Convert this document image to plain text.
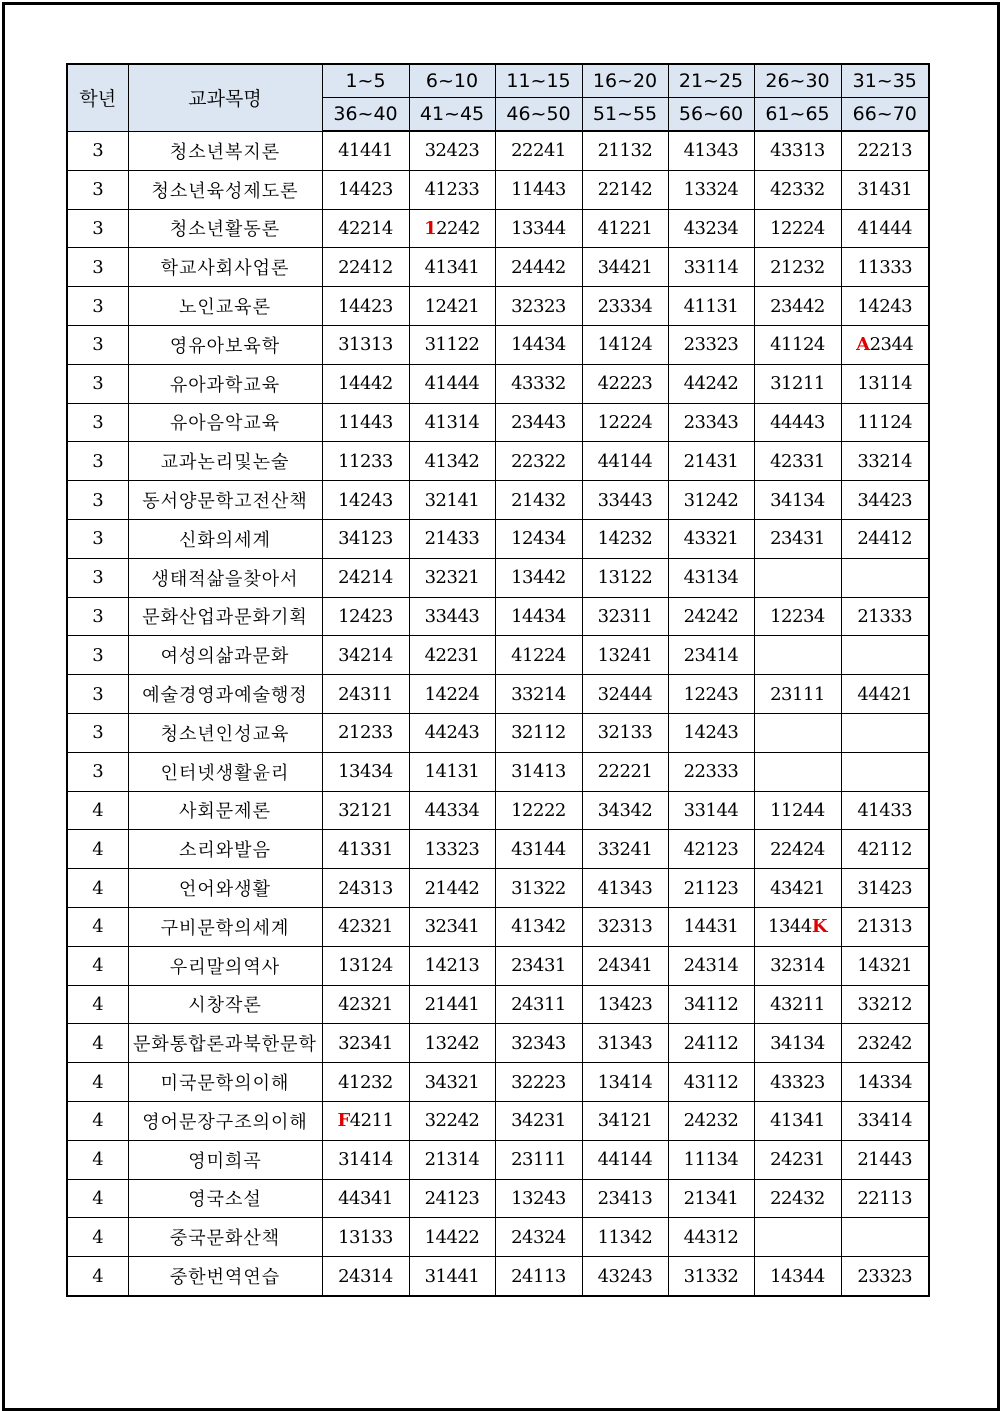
학년	교과목명	1~5	6~10	11~15	16~20	21~25	26~30	31~35
		36~40	41~45	46~50	51~55	56~60	61~65	66~70
3	청소년복지론	41441	32423	22241	21132	41343	43313	22213
3	청소년육성제도론	14423	41233	11443	22142	13324	42332	31431
3	청소년활동론	42214	12242	13344	41221	43234	12224	41444
3	학교사회사업론	22412	41341	24442	34421	33114	21232	11333
3	노인교육론	14423	12421	32323	23334	41131	23442	14243
3	영유아보육학	31313	31122	14434	14124	23323	41124	A2344
3	유아과학교육	14442	41444	43332	42223	44242	31211	13114
3	유아음악교육	11443	41314	23443	12224	23343	44443	11124
3	교과논리및논술	11233	41342	22322	44144	21431	42331	33214
3	동서양문학고전산책	14243	32141	21432	33443	31242	34134	34423
3	신화의세계	34123	21433	12434	14232	43321	23431	24412
3	생태적삶을찾아서	24214	32321	13442	13122	43134		
3	문화산업과문화기획	12423	33443	14434	32311	24242	12234	21333
3	여성의삶과문화	34214	42231	41224	13241	23414		
3	예술경영과예술행정	24311	14224	33214	32444	12243	23111	44421
3	청소년인성교육	21233	44243	32112	32133	14243		
3	인터넷생활윤리	13434	14131	31413	22221	22333		
4	사회문제론	32121	44334	12222	34342	33144	11244	41433
4	소리와발음	41331	13323	43144	33241	42123	22424	42112
4	언어와생활	24313	21442	31322	41343	21123	43421	31423
4	구비문학의세계	42321	32341	41342	32313	14431	1344K	21313
4	우리말의역사	13124	14213	23431	24341	24314	32314	14321
4	시창작론	42321	21441	24311	13423	34112	43211	33212
4	문화통합론과북한문학	32341	13242	32343	31343	24112	34134	23242
4	미국문학의이해	41232	34321	32223	13414	43112	43323	14334
4	영어문장구조의이해	F4211	32242	34231	34121	24232	41341	33414
4	영미희곡	31414	21314	23111	44144	11134	24231	21443
4	영국소설	44341	24123	13243	23413	21341	22432	22113
4	중국문화산책	13133	14422	24324	11342	44312		
4	중한번역연습	24314	31441	24113	43243	31332	14344	23323
